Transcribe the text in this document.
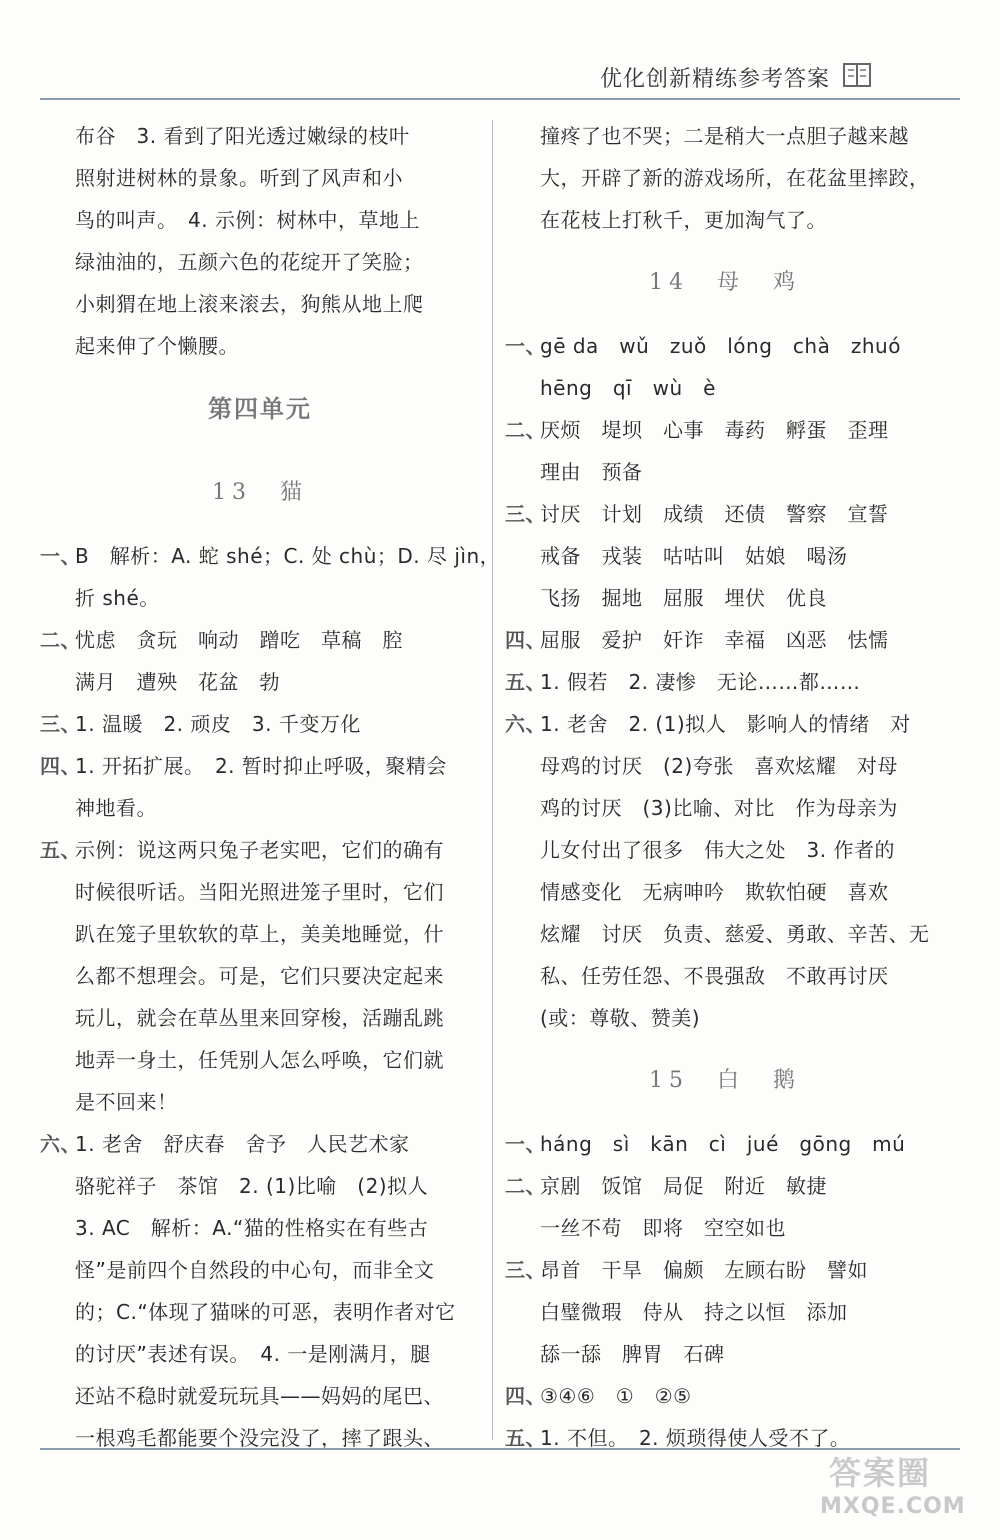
优化创新精练参考答案
布谷　3. 看到了阳光透过嫩绿的枝叶
照射进树林的景象。听到了风声和小
鸟的叫声。　4. 示例：树林中，草地上
绿油油的，五颜六色的花绽开了笑脸；
小刺猬在地上滚来滚去，狗熊从地上爬
起来伸了个懒腰。
第四单元
13　猫
一、B　解析：A. 蛇 shé；C. 处 chù；D. 尽 jìn，
折 shé。
二、忧虑　贪玩　响动　蹭吃　草稿　腔
满月　遭殃　花盆　勃
三、1. 温暖　2. 顽皮　3. 千变万化
四、1. 开拓扩展。　2. 暂时抑止呼吸，聚精会
神地看。
五、示例：说这两只兔子老实吧，它们的确有
时候很听话。当阳光照进笼子里时，它们
趴在笼子里软软的草上，美美地睡觉，什
么都不想理会。可是，它们只要决定起来
玩儿，就会在草丛里来回穿梭，活蹦乱跳
地弄一身土，任凭别人怎么呼唤，它们就
是不回来！
六、1. 老舍　舒庆春　舍予　人民艺术家
骆驼祥子　茶馆　2. (1)比喻　(2)拟人
3. AC　解析：A.“猫的性格实在有些古
怪”是前四个自然段的中心句，而非全文
的；C.“体现了猫咪的可恶，表明作者对它
的讨厌”表述有误。　4. 一是刚满月，腿
还站不稳时就爱玩玩具——妈妈的尾巴、
一根鸡毛都能要个没完没了，摔了跟头、
撞疼了也不哭；二是稍大一点胆子越来越
大，开辟了新的游戏场所，在花盆里摔跤，
在花枝上打秋千，更加淘气了。
14　母　鸡
一、gē da　wǔ　zuǒ　lóng　chà　zhuó
hēng　qī　wù　è
二、厌烦　堤坝　心事　毒药　孵蛋　歪理
理由　预备
三、讨厌　计划　成绩　还债　警察　宣誓
戒备　戎装　咕咕叫　姑娘　喝汤
飞扬　掘地　屈服　埋伏　优良
四、屈服　爱护　奸诈　幸福　凶恶　怯懦
五、1. 假若　2. 凄惨　无论……都……
六、1. 老舍　2. (1)拟人　影响人的情绪　对
母鸡的讨厌　(2)夸张　喜欢炫耀　对母
鸡的讨厌　(3)比喻、对比　作为母亲为
儿女付出了很多　伟大之处　3. 作者的
情感变化　无病呻吟　欺软怕硬　喜欢
炫耀　讨厌　负责、慈爱、勇敢、辛苦、无
私、任劳任怨、不畏强敌　不敢再讨厌
(或：尊敬、赞美)
15　白　鹅
一、háng　sì　kān　cì　jué　gōng　mú
二、京剧　饭馆　局促　附近　敏捷
一丝不苟　即将　空空如也
三、昂首　干旱　偏颇　左顾右盼　譬如
白璧微瑕　侍从　持之以恒　添加
舔一舔　脾胃　石碑
四、③④⑥　①　②⑤
五、1. 不但。　2. 烦琐得使人受不了。
答案圈
MXQE.COM
